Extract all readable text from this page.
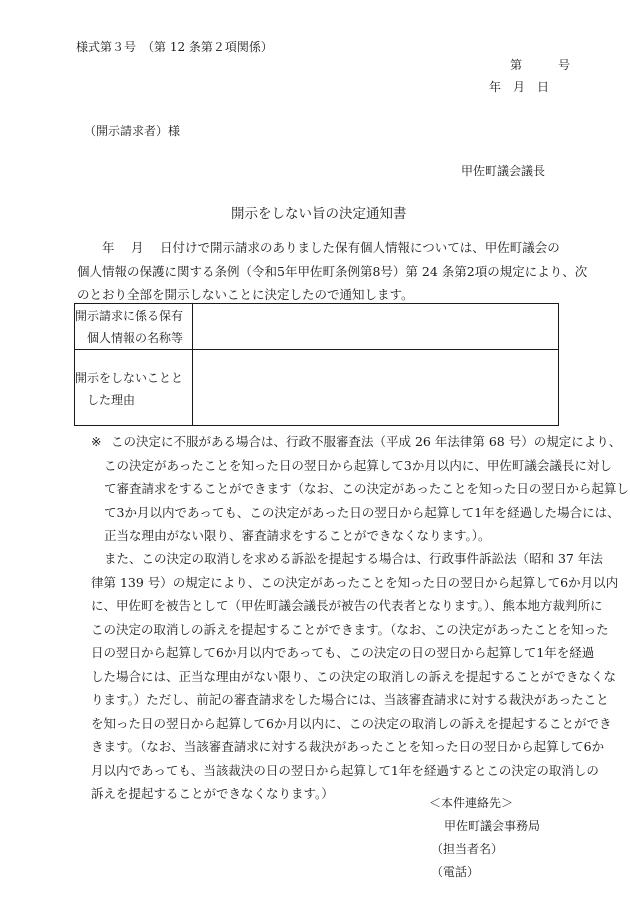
様式第３号　（第 12 条第２項関係）
第　　　号
年　月　日
（開示請求者）様
甲佐町議会議長
開示をしない旨の決定通知書
　　年　 月　 日付けで開示請求のありました保有個人情報については、甲佐町議会の
個人情報の保護に関する条例（令和5年甲佐町条例第8号）第 24 条第2項の規定により、次
のとおり全部を開示しないことに決定したので通知します。
開示請求に係る保有
　個人情報の名称等	

開示をしないことと
　した理由	

※ この決定に不服がある場合は、行政不服審査法（平成 26 年法律第 68 号）の規定により、
この決定があったことを知った日の翌日から起算して3か月以内に、甲佐町議会議長に対し
て審査請求をすることができます（なお、この決定があったことを知った日の翌日から起算し
て3か月以内であっても、この決定があった日の翌日から起算して1年を経過した場合には、
正当な理由がない限り、審査請求をすることができなくなります。）。
また、この決定の取消しを求める訴訟を提起する場合は、行政事件訴訟法（昭和 37 年法
律第 139 号）の規定により、この決定があったことを知った日の翌日から起算して6か月以内
に、甲佐町を被告として（甲佐町議会議長が被告の代表者となります。）、熊本地方裁判所に
この決定の取消しの訴えを提起することができます。（なお、この決定があったことを知った
日の翌日から起算して6か月以内であっても、この決定の日の翌日から起算して1年を経過
した場合には、正当な理由がない限り、この決定の取消しの訴えを提起することができなくな
ります。）ただし、前記の審査請求をした場合には、当該審査請求に対する裁決があったこと
を知った日の翌日から起算して6か月以内に、この決定の取消しの訴えを提起することができ
きます。（なお、当該審査請求に対する裁決があったことを知った日の翌日から起算して6か
月以内であっても、当該裁決の日の翌日から起算して1年を経過するとこの決定の取消しの
訴えを提起することができなくなります。）
＜本件連絡先＞
甲佐町議会事務局
（担当者名）
（電話）
